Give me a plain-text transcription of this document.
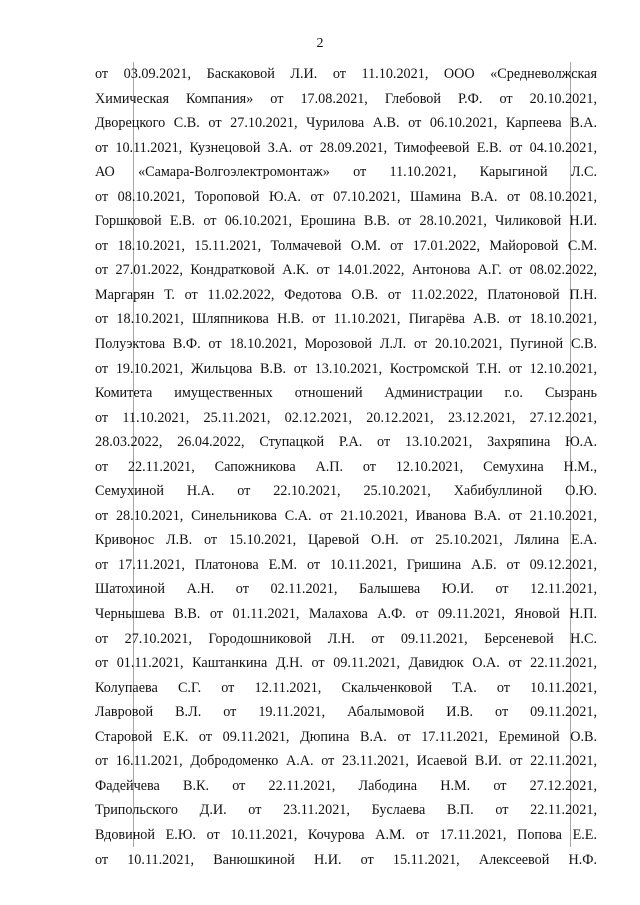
2
от 03.09.2021, Баскаковой Л.И. от 11.10.2021, ООО «Средневолжская
Химическая Компания» от 17.08.2021, Глебовой Р.Ф. от 20.10.2021,
Дворецкого С.В. от 27.10.2021, Чурилова А.В. от 06.10.2021, Карпеева В.А.
от 10.11.2021, Кузнецовой З.А. от 28.09.2021, Тимофеевой Е.В. от 04.10.2021,
АО «Самара-Волгоэлектромонтаж» от 11.10.2021, Карыгиной Л.С.
от 08.10.2021, Тороповой Ю.А. от 07.10.2021, Шамина В.А. от 08.10.2021,
Горшковой Е.В. от 06.10.2021, Ерошина В.В. от 28.10.2021, Чиликовой Н.И.
от 18.10.2021, 15.11.2021, Толмачевой О.М. от 17.01.2022, Майоровой С.М.
от 27.01.2022, Кондратковой А.К. от 14.01.2022, Антонова А.Г. от 08.02.2022,
Маргарян Т. от 11.02.2022, Федотова О.В. от 11.02.2022, Платоновой П.Н.
от 18.10.2021, Шляпникова Н.В. от 11.10.2021, Пигарёва А.В. от 18.10.2021,
Полуэктова В.Ф. от 18.10.2021, Морозовой Л.Л. от 20.10.2021, Пугиной С.В.
от 19.10.2021, Жильцова В.В. от 13.10.2021, Костромской Т.Н. от 12.10.2021,
Комитета имущественных отношений Администрации г.о. Сызрань
от 11.10.2021, 25.11.2021, 02.12.2021, 20.12.2021, 23.12.2021, 27.12.2021,
28.03.2022, 26.04.2022, Ступацкой Р.А. от 13.10.2021, Захряпина Ю.А.
от 22.11.2021, Сапожникова А.П. от 12.10.2021, Семухина Н.М.,
Семухиной Н.А. от 22.10.2021, 25.10.2021, Хабибуллиной О.Ю.
от 28.10.2021, Синельникова С.А. от 21.10.2021, Иванова В.А. от 21.10.2021,
Кривонос Л.В. от 15.10.2021, Царевой О.Н. от 25.10.2021, Лялина Е.А.
от 17.11.2021, Платонова Е.М. от 10.11.2021, Гришина А.Б. от 09.12.2021,
Шатохиной А.Н. от 02.11.2021, Балышева Ю.И. от 12.11.2021,
Чернышева В.В. от 01.11.2021, Малахова А.Ф. от 09.11.2021, Яновой Н.П.
от 27.10.2021, Городошниковой Л.Н. от 09.11.2021, Берсеневой Н.С.
от 01.11.2021, Каштанкина Д.Н. от 09.11.2021, Давидюк О.А. от 22.11.2021,
Колупаева С.Г. от 12.11.2021, Скальченковой Т.А. от 10.11.2021,
Лавровой В.Л. от 19.11.2021, Абалымовой И.В. от 09.11.2021,
Старовой Е.К. от 09.11.2021, Дюпина В.А. от 17.11.2021, Ереминой О.В.
от 16.11.2021, Добродоменко А.А. от 23.11.2021, Исаевой В.И. от 22.11.2021,
Фадейчева В.К. от 22.11.2021, Лабодина Н.М. от 27.12.2021,
Трипольского Д.И. от 23.11.2021, Буслаева В.П. от 22.11.2021,
Вдовиной Е.Ю. от 10.11.2021, Кочурова А.М. от 17.11.2021, Попова Е.Е.
от 10.11.2021, Ванюшкиной Н.И. от 15.11.2021, Алексеевой Н.Ф.
